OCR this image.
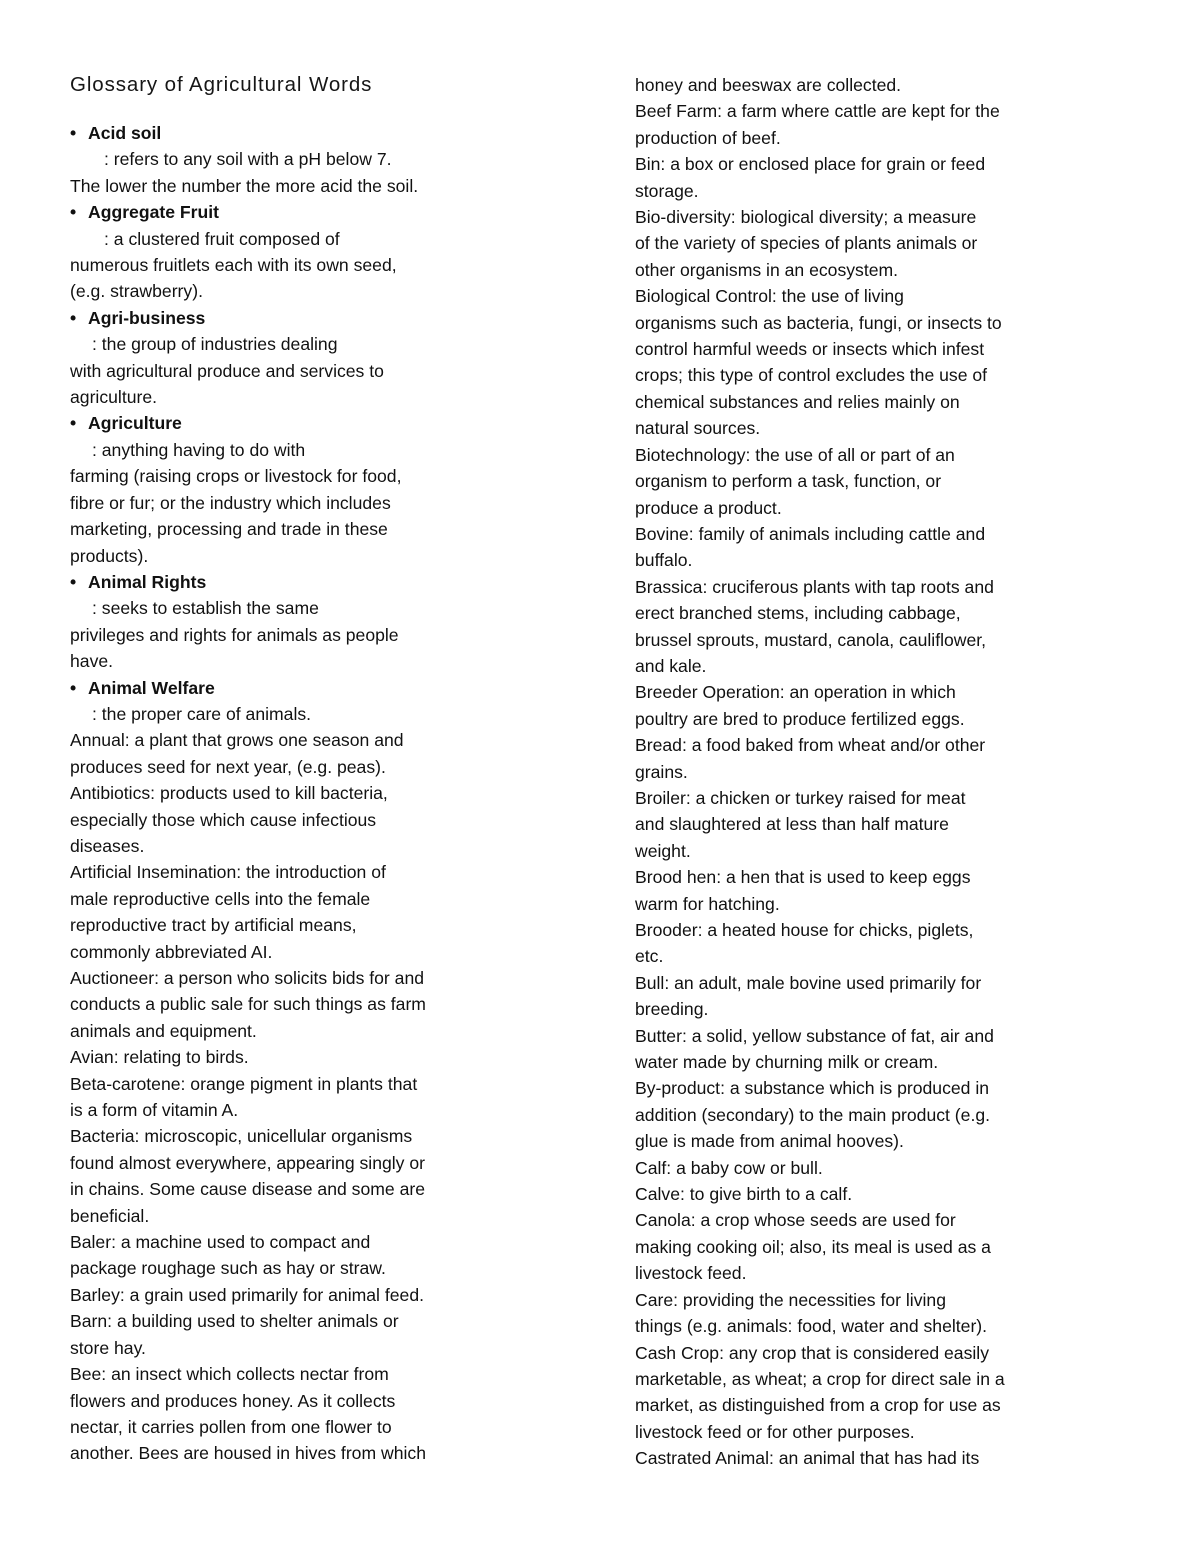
Glossary of Agricultural Words
• Acid soil
: refers to any soil with a pH below 7.
The lower the number the more acid the soil.
• Aggregate Fruit
: a clustered fruit composed of
numerous fruitlets each with its own seed,
(e.g. strawberry).
• Agri-business
: the group of industries dealing
with agricultural produce and services to
agriculture.
• Agriculture
: anything having to do with
farming (raising crops or livestock for food,
fibre or fur; or the industry which includes
marketing, processing and trade in these
products).
• Animal Rights
: seeks to establish the same
privileges and rights for animals as people
have.
• Animal Welfare
: the proper care of animals.
Annual: a plant that grows one season and
produces seed for next year, (e.g. peas).
Antibiotics: products used to kill bacteria,
especially those which cause infectious
diseases.
Artificial Insemination: the introduction of
male reproductive cells into the female
reproductive tract by artificial means,
commonly abbreviated AI.
Auctioneer: a person who solicits bids for and
conducts a public sale for such things as farm
animals and equipment.
Avian: relating to birds.
Beta-carotene: orange pigment in plants that
is a form of vitamin A.
Bacteria: microscopic, unicellular organisms
found almost everywhere, appearing singly or
in chains. Some cause disease and some are
beneficial.
Baler: a machine used to compact and
package roughage such as hay or straw.
Barley: a grain used primarily for animal feed.
Barn: a building used to shelter animals or
store hay.
Bee: an insect which collects nectar from
flowers and produces honey. As it collects
nectar, it carries pollen from one flower to
another. Bees are housed in hives from which
honey and beeswax are collected.
Beef Farm: a farm where cattle are kept for the
production of beef.
Bin: a box or enclosed place for grain or feed
storage.
Bio-diversity: biological diversity; a measure
of the variety of species of plants animals or
other organisms in an ecosystem.
Biological Control: the use of living
organisms such as bacteria, fungi, or insects to
control harmful weeds or insects which infest
crops; this type of control excludes the use of
chemical substances and relies mainly on
natural sources.
Biotechnology: the use of all or part of an
organism to perform a task, function, or
produce a product.
Bovine: family of animals including cattle and
buffalo.
Brassica: cruciferous plants with tap roots and
erect branched stems, including cabbage,
brussel sprouts, mustard, canola, cauliflower,
and kale.
Breeder Operation: an operation in which
poultry are bred to produce fertilized eggs.
Bread: a food baked from wheat and/or other
grains.
Broiler: a chicken or turkey raised for meat
and slaughtered at less than half mature
weight.
Brood hen: a hen that is used to keep eggs
warm for hatching.
Brooder: a heated house for chicks, piglets,
etc.
Bull: an adult, male bovine used primarily for
breeding.
Butter: a solid, yellow substance of fat, air and
water made by churning milk or cream.
By-product: a substance which is produced in
addition (secondary) to the main product (e.g.
glue is made from animal hooves).
Calf: a baby cow or bull.
Calve: to give birth to a calf.
Canola: a crop whose seeds are used for
making cooking oil; also, its meal is used as a
livestock feed.
Care: providing the necessities for living
things (e.g. animals: food, water and shelter).
Cash Crop: any crop that is considered easily
marketable, as wheat; a crop for direct sale in a
market, as distinguished from a crop for use as
livestock feed or for other purposes.
Castrated Animal: an animal that has had its
